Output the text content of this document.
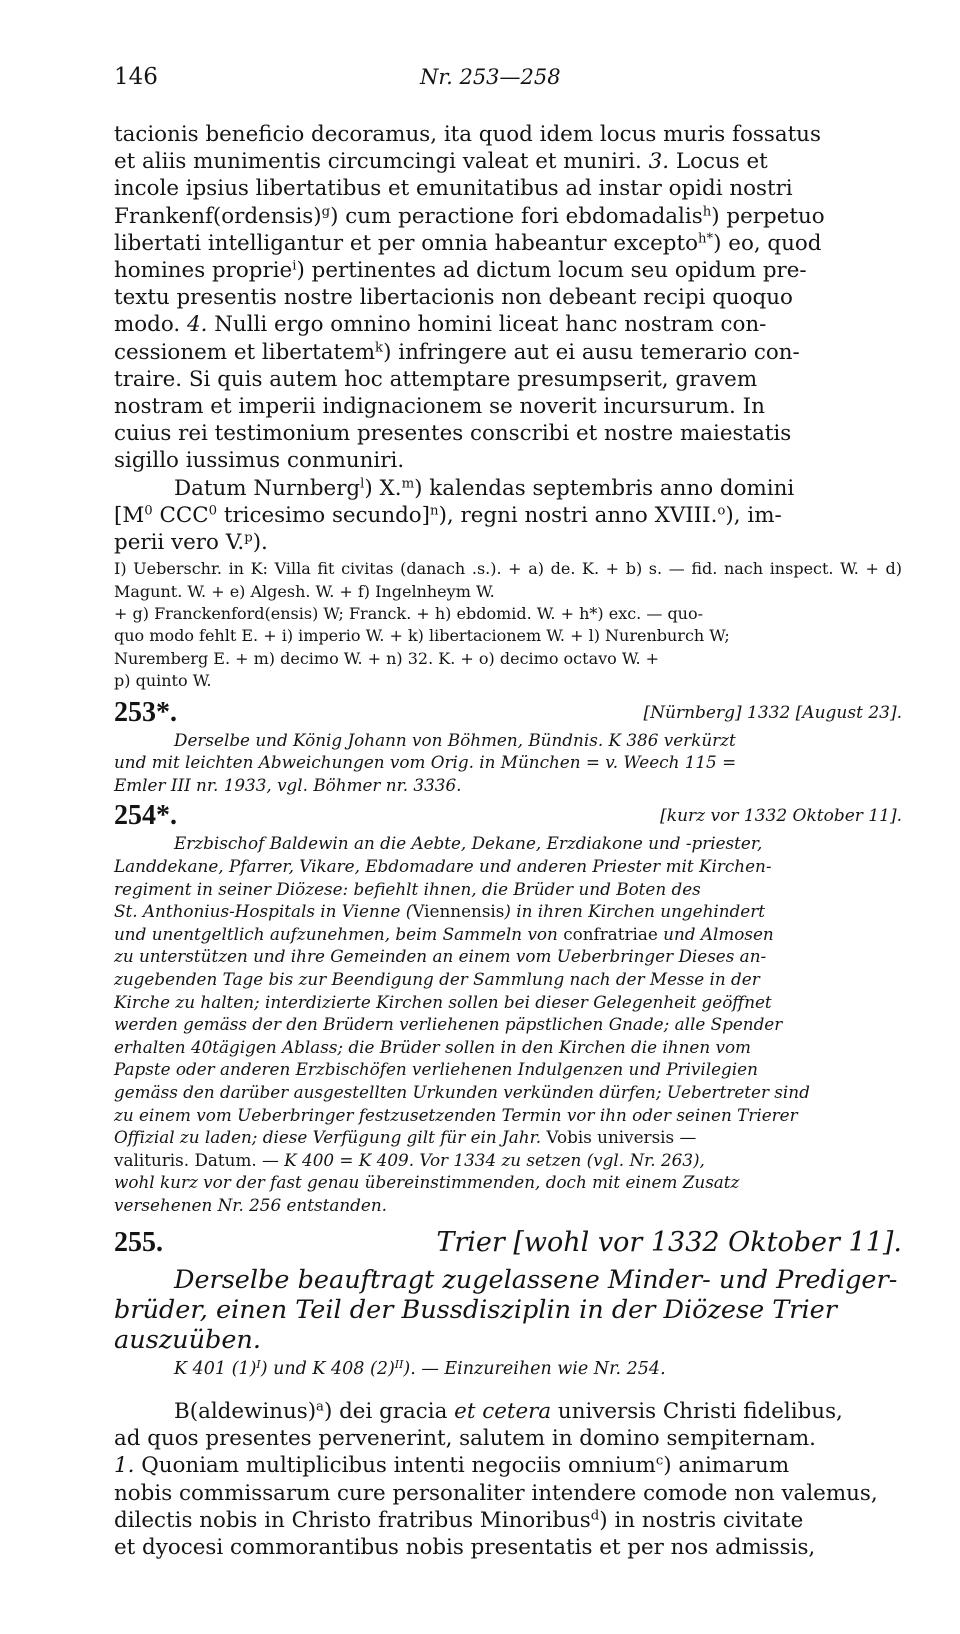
146	Nr. 253—258

tacionis beneficio decoramus, ita quod idem locus muris fossatus

et aliis munimentis circumcingi valeat et muniri. 3. Locus et

incole ipsius libertatibus et emunitatibus ad instar opidi nostri

Frankenf(ordensis)$^g$) cum peractione fori ebdomadalis$^h$) perpetuo

libertati intelligantur et per omnia habeantur excepto$^{h*}$) eo, quod

homines proprie$^i$) pertinentes ad dictum locum seu opidum pre-

textu presentis nostre libertacionis non debeant recipi quoquo

modo. 4. Nulli ergo omnino homini liceat hanc nostram con-

cessionem et libertatem$^k$) infringere aut ei ausu temerario con-

traire. Si quis autem hoc attemptare presumpserit, gravem

nostram et imperii indignacionem se noverit incursurum. In

cuius rei testimonium presentes conscribi et nostre maiestatis

sigillo iussimus conmuniri.

Datum Nurnberg$^l$) X.$^m$) kalendas septembris anno domini

[$M^0$ CCC$^0$ tricesimo secundo]$^n$), regni nostri anno XVIII.$^o$), im-

perii vero V.$^p$).

I) Ueberschr. in K: Villa fit civitas (danach .s.). + a) de. K. + b) s. — fid. nach inspect. W. + d) Magunt. W. + e) Algesh. W. + f) Ingelnheym W.

+ g) Franckenford(ensis) W; Franck. + h) ebdomid. W. + h*) exc. — quo-

quo modo fehlt E. + i) imperio W. + k) libertacionem W. + l) Nurenburch W;

Nuremberg E. + m) decimo W. + n) 32. K. + o) decimo octavo W. +

p) quinto W.

253*.	[Nürnberg] 1332 [August 23].

Derselbe und König Johann von Böhmen, Bündnis. K 386 verkürzt

und mit leichten Abweichungen vom Orig. in München = v. Weech 115 =

Emler III nr. 1933, vgl. Böhmer nr. 3336.

254*.	[kurz vor 1332 Oktober 11].

Erzbischof Baldewin an die Aebte, Dekane, Erzdiakone und -priester,

Landdekane, Pfarrer, Vikare, Ebdomadare und anderen Priester mit Kirchen-

regiment in seiner Diözese: befiehlt ihnen, die Brüder und Boten des

St. Anthonius-Hospitals in Vienne (Viennensis) in ihren Kirchen ungehindert

und unentgeltlich aufzunehmen, beim Sammeln von confratriae und Almosen

zu unterstützen und ihre Gemeinden an einem vom Ueberbringer Dieses an-

zugebenden Tage bis zur Beendigung der Sammlung nach der Messe in der

Kirche zu halten; interdizierte Kirchen sollen bei dieser Gelegenheit geöffnet

werden gemäss der den Brüdern verliehenen päpstlichen Gnade; alle Spender

erhalten 40tägigen Ablass; die Brüder sollen in den Kirchen die ihnen vom

Papste oder anderen Erzbischöfen verliehenen Indulgenzen und Privilegien

gemäss den darüber ausgestellten Urkunden verkünden dürfen; Uebertreter sind

zu einem vom Ueberbringer festzusetzenden Termin vor ihn oder seinen Trierer

Offizial zu laden; diese Verfügung gilt für ein Jahr. Vobis universis —

valituris. Datum. — K 400 = K 409. Vor 1334 zu setzen (vgl. Nr. 263),

wohl kurz vor der fast genau übereinstimmenden, doch mit einem Zusatz

versehenen Nr. 256 entstanden.

255.	Trier [wohl vor 1332 Oktober 11].

Derselbe beauftragt zugelassene Minder- und Prediger-

brüder, einen Teil der Bussdisziplin in der Diözese Trier

auszuüben.

K 401 $(1)^I$) und K 408 $(2)^{II}$). — Einzureihen wie Nr. 254.

B(aldewinus)$^a$) dei gracia et cetera universis Christi fidelibus,

ad quos presentes pervenerint, salutem in domino sempiternam.

1. Quoniam multiplicibus intenti negociis omnium$^c$) animarum

nobis commissarum cure personaliter intendere comode non valemus,

dilectis nobis in Christo fratribus Minoribus$^d$) in nostris civitate

et dyocesi commorantibus nobis presentatis et per nos admissis,
